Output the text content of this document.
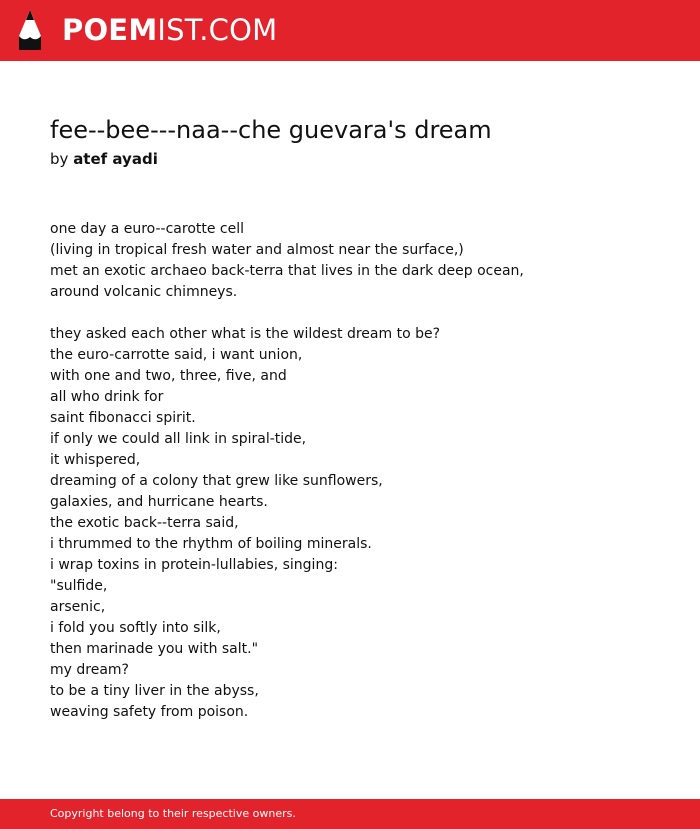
POEMIST.COM
fee--bee---naa--che guevara's dream
by atef ayadi
one day a euro--carotte cell
(living in tropical fresh water and almost near the surface,)
met an exotic archaeo back-terra that lives in the dark deep ocean,
around volcanic chimneys.
they asked each other what is the wildest dream to be?
the euro-carrotte said, i want union,
with one and two, three, five, and
all who drink for
saint fibonacci spirit.
if only we could all link in spiral-tide,
it whispered,
dreaming of a colony that grew like sunflowers,
galaxies, and hurricane hearts.
the exotic back--terra said,
i thrummed to the rhythm of boiling minerals.
i wrap toxins in protein-lullabies, singing:
"sulfide,
arsenic,
i fold you softly into silk,
then marinade you with salt."
my dream?
to be a tiny liver in the abyss,
weaving safety from poison.
Copyright belong to their respective owners.
